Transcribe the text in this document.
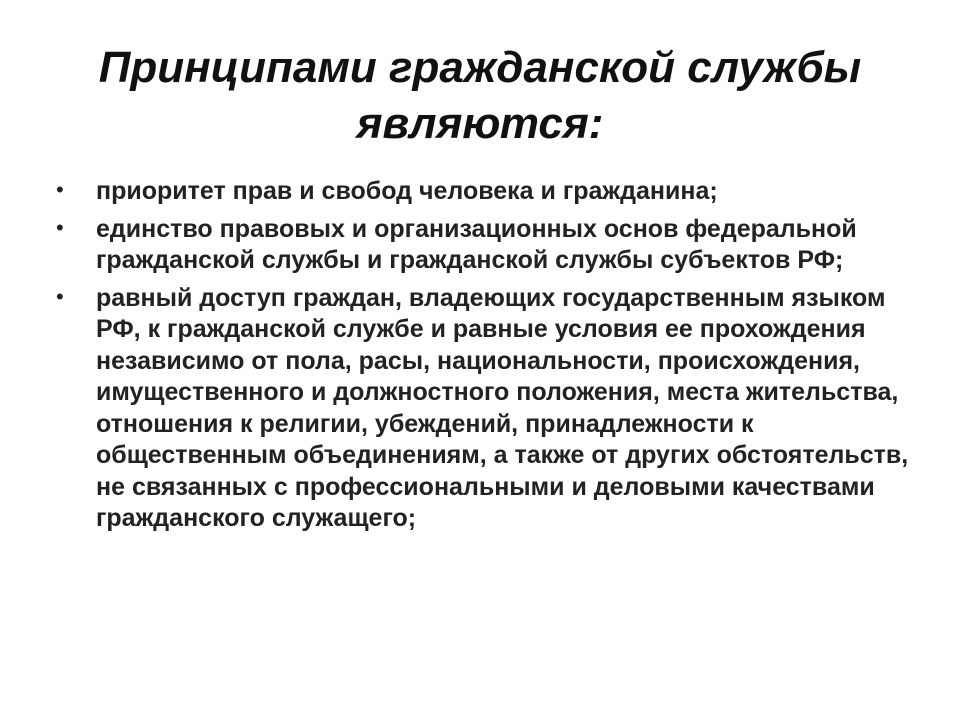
Принципами гражданской службы являются:
• приоритет прав и свобод человека и гражданина;
• единство правовых и организационных основ федеральной гражданской службы и гражданской службы субъектов РФ;
• равный доступ граждан, владеющих государственным языком РФ, к гражданской службе и равные условия ее прохождения независимо от пола, расы, национальности, происхождения, имущественного и должностного положения, места жительства, отношения к религии, убеждений, принадлежности к общественным объединениям, а также от других обстоятельств, не связанных с профессиональными и деловыми качествами гражданского служащего;
